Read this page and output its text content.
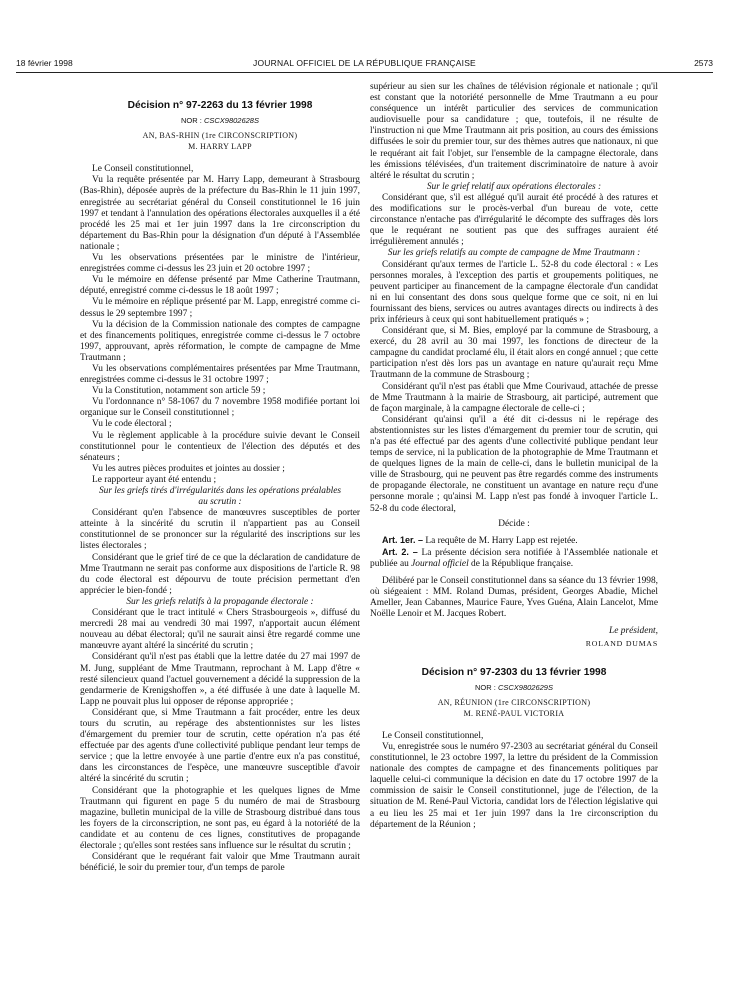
18 février 1998	JOURNAL OFFICIEL DE LA RÉPUBLIQUE FRANÇAISE	2573
Décision n° 97-2263 du 13 février 1998
NOR : CSCX9802628S
AN, BAS-RHIN (1re CIRCONSCRIPTION)
M. HARRY LAPP

Le Conseil constitutionnel,

Vu la requête présentée par M. Harry Lapp, demeurant à Strasbourg (Bas-Rhin), déposée auprès de la préfecture du Bas-Rhin le 11 juin 1997, enregistrée au secrétariat général du Conseil constitutionnel le 16 juin 1997 et tendant à l'annulation des opérations électorales auxquelles il a été procédé les 25 mai et 1er juin 1997 dans la 1re circonscription du département du Bas-Rhin pour la désignation d'un député à l'Assemblée nationale ;

Vu les observations présentées par le ministre de l'intérieur, enregistrées comme ci-dessus les 23 juin et 20 octobre 1997 ;

Vu le mémoire en défense présenté par Mme Catherine Trautmann, député, enregistré comme ci-dessus le 18 août 1997 ;

Vu le mémoire en réplique présenté par M. Lapp, enregistré comme ci-dessus le 29 septembre 1997 ;

Vu la décision de la Commission nationale des comptes de campagne et des financements politiques, enregistrée comme ci-dessus le 7 octobre 1997, approuvant, après réformation, le compte de campagne de Mme Trautmann ;

Vu les observations complémentaires présentées par Mme Trautmann, enregistrées comme ci-dessus le 31 octobre 1997 ;

Vu la Constitution, notamment son article 59 ;

Vu l'ordonnance n° 58-1067 du 7 novembre 1958 modifiée portant loi organique sur le Conseil constitutionnel ;

Vu le code électoral ;

Vu le règlement applicable à la procédure suivie devant le Conseil constitutionnel pour le contentieux de l'élection des députés et des sénateurs ;

Vu les autres pièces produites et jointes au dossier ;

Le rapporteur ayant été entendu ;

Sur les griefs tirés d'irrégularités dans les opérations préalables au scrutin :

Considérant qu'en l'absence de manœuvres susceptibles de porter atteinte à la sincérité du scrutin il n'appartient pas au Conseil constitutionnel de se prononcer sur la régularité des inscriptions sur les listes électorales ;

Considérant que le grief tiré de ce que la déclaration de candidature de Mme Trautmann ne serait pas conforme aux dispositions de l'article R. 98 du code électoral est dépourvu de toute précision permettant d'en apprécier le bien-fondé ;

Sur les griefs relatifs à la propagande électorale :

Considérant que le tract intitulé « Chers Strasbourgeois », diffusé du mercredi 28 mai au vendredi 30 mai 1997, n'apportait aucun élément nouveau au débat électoral; qu'il ne saurait ainsi être regardé comme une manœuvre ayant altéré la sincérité du scrutin ;

Considérant qu'il n'est pas établi que la lettre datée du 27 mai 1997 de M. Jung, suppléant de Mme Trautmann, reprochant à M. Lapp d'être « resté silencieux quand l'actuel gouvernement a décidé la suppression de la gendarmerie de Krenigshoffen », a été diffusée à une date à laquelle M. Lapp ne pouvait plus lui opposer de réponse appropriée ;

Considérant que, si Mme Trautmann a fait procéder, entre les deux tours du scrutin, au repérage des abstentionnistes sur les listes d'émargement du premier tour de scrutin, cette opération n'a pas été effectuée par des agents d'une collectivité publique pendant leur temps de service ; que la lettre envoyée à une partie d'entre eux n'a pas constitué, dans les circonstances de l'espèce, une manœuvre susceptible d'avoir altéré la sincérité du scrutin ;

Considérant que la photographie et les quelques lignes de Mme Trautmann qui figurent en page 5 du numéro de mai de Strasbourg magazine, bulletin municipal de la ville de Strasbourg distribué dans tous les foyers de la circonscription, ne sont pas, eu égard à la notoriété de la candidate et au contenu de ces lignes, constitutives de propagande électorale ; qu'elles sont restées sans influence sur le résultat du scrutin ;

Considérant que le requérant fait valoir que Mme Trautmann aurait bénéficié, le soir du premier tour, d'un temps de parole

supérieur au sien sur les chaînes de télévision régionale et nationale ; qu'il est constant que la notoriété personnelle de Mme Trautmann a eu pour conséquence un intérêt particulier des services de communication audiovisuelle pour sa candidature ; que, toutefois, il ne résulte de l'instruction ni que Mme Trautmann ait pris position, au cours des émissions diffusées le soir du premier tour, sur des thèmes autres que nationaux, ni que le requérant ait fait l'objet, sur l'ensemble de la campagne électorale, dans les émissions télévisées, d'un traitement discriminatoire de nature à avoir altéré le résultat du scrutin ;

Sur le grief relatif aux opérations électorales :

Considérant que, s'il est allégué qu'il aurait été procédé à des ratures et des modifications sur le procès-verbal d'un bureau de vote, cette circonstance n'entache pas d'irrégularité le décompte des suffrages dès lors que le requérant ne soutient pas que des suffrages auraient été irrégulièrement annulés ;

Sur les griefs relatifs au compte de campagne de Mme Trautmann :

Considérant qu'aux termes de l'article L. 52-8 du code électoral : « Les personnes morales, à l'exception des partis et groupements politiques, ne peuvent participer au financement de la campagne électorale d'un candidat ni en lui consentant des dons sous quelque forme que ce soit, ni en lui fournissant des biens, services ou autres avantages directs ou indirects à des prix inférieurs à ceux qui sont habituellement pratiqués » ;

Considérant que, si M. Bies, employé par la commune de Strasbourg, a exercé, du 28 avril au 30 mai 1997, les fonctions de directeur de la campagne du candidat proclamé élu, il était alors en congé annuel ; que cette participation n'est dès lors pas un avantage en nature qu'aurait reçu Mme Trautmann de la commune de Strasbourg ;

Considérant qu'il n'est pas établi que Mme Courivaud, attachée de presse de Mme Trautmann à la mairie de Strasbourg, ait participé, autrement que de façon marginale, à la campagne électorale de celle-ci ;

Considérant qu'ainsi qu'il a été dit ci-dessus ni le repérage des abstentionnistes sur les listes d'émargement du premier tour de scrutin, qui n'a pas été effectué par des agents d'une collectivité publique pendant leur temps de service, ni la publication de la photographie de Mme Trautmann et de quelques lignes de la main de celle-ci, dans le bulletin municipal de la ville de Strasbourg, qui ne peuvent pas être regardés comme des instruments de propagande électorale, ne constituent un avantage en nature reçu d'une personne morale ; qu'ainsi M. Lapp n'est pas fondé à invoquer l'article L. 52-8 du code électoral,

Décide :

Art. 1er. – La requête de M. Harry Lapp est rejetée.

Art. 2. – La présente décision sera notifiée à l'Assemblée nationale et publiée au Journal officiel de la République française.

Délibéré par le Conseil constitutionnel dans sa séance du 13 février 1998, où siégeaient : MM. Roland Dumas, président, Georges Abadie, Michel Ameller, Jean Cabannes, Maurice Faure, Yves Guéna, Alain Lancelot, Mme Noëlle Lenoir et M. Jacques Robert.

Le président,

ROLAND DUMAS

Décision n° 97-2303 du 13 février 1998
NOR : CSCX9802629S
AN, RÉUNION (1re CIRCONSCRIPTION)
M. RENÉ-PAUL VICTORIA

Le Conseil constitutionnel,

Vu, enregistrée sous le numéro 97-2303 au secrétariat général du Conseil constitutionnel, le 23 octobre 1997, la lettre du président de la Commission nationale des comptes de campagne et des financements politiques par laquelle celui-ci communique la décision en date du 17 octobre 1997 de la commission de saisir le Conseil constitutionnel, juge de l'élection, de la situation de M. René-Paul Victoria, candidat lors de l'élection législative qui a eu lieu les 25 mai et 1er juin 1997 dans la 1re circonscription du département de la Réunion ;
